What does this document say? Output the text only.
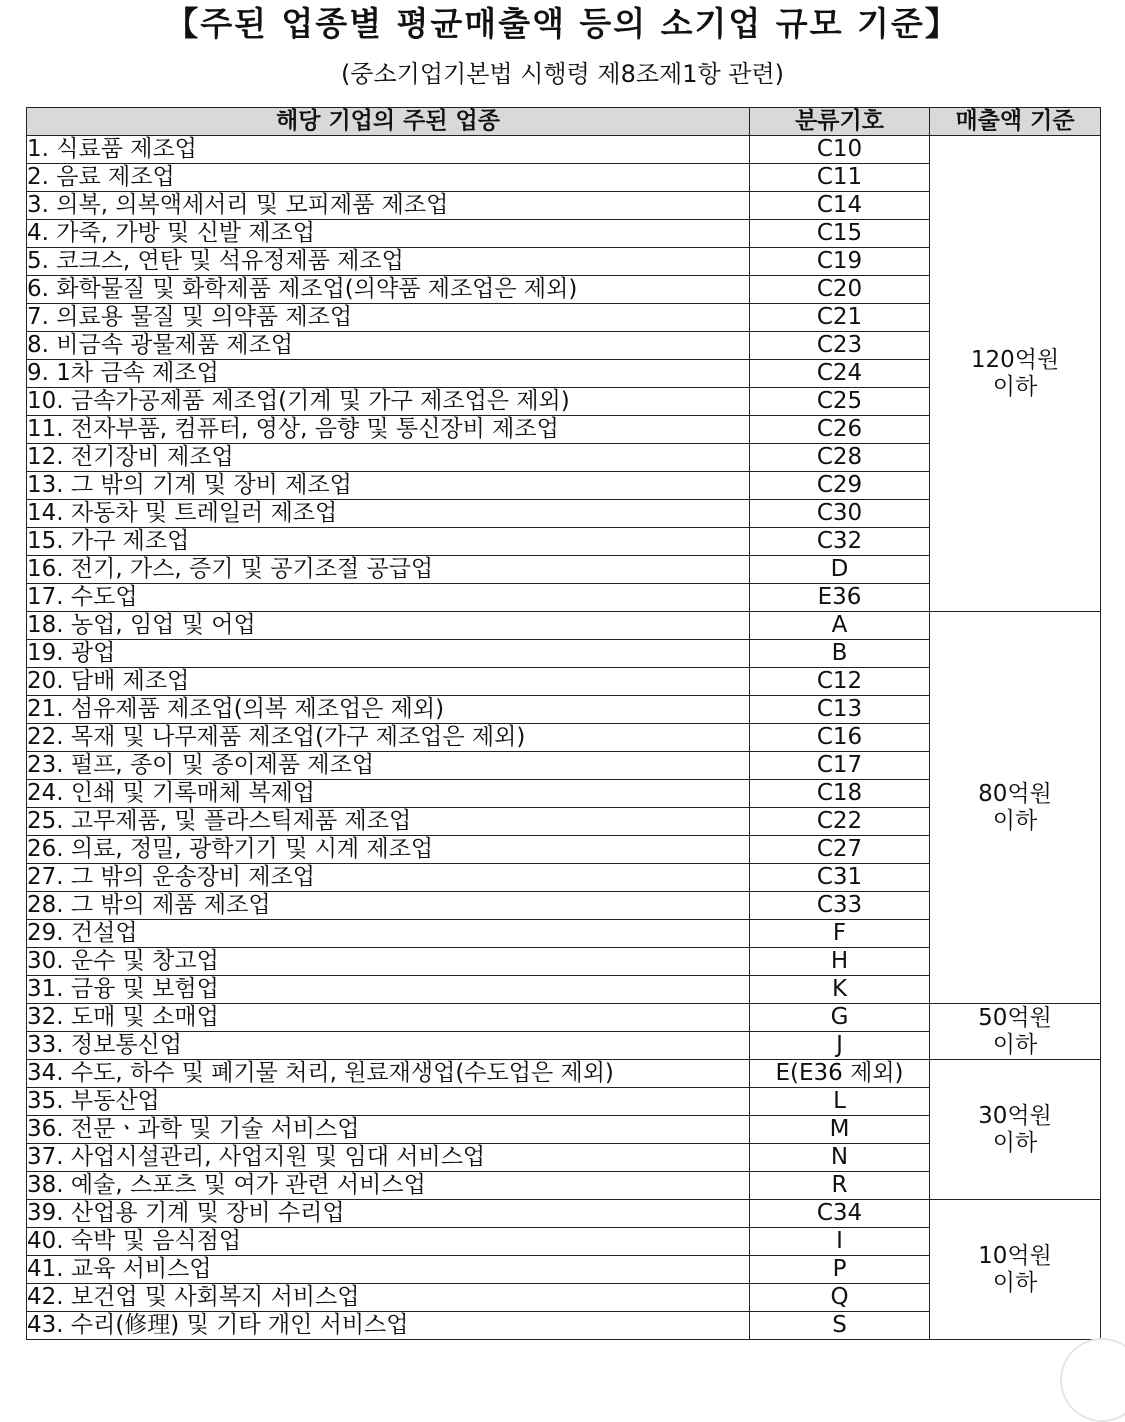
【주된 업종별 평균매출액 등의 소기업 규모 기준】
(중소기업기본법 시행령 제8조제1항 관련)
해당 기업의 주된 업종	분류기호	매출액 기준
1. 식료품 제조업	C10	120억원
이하

2. 음료 제조업	C11	
3. 의복, 의복액세서리 및 모피제품 제조업	C14	
4. 가죽, 가방 및 신발 제조업	C15	
5. 코크스, 연탄 및 석유정제품 제조업	C19	
6. 화학물질 및 화학제품 제조업(의약품 제조업은 제외)	C20	
7. 의료용 물질 및 의약품 제조업	C21	
8. 비금속 광물제품 제조업	C23	
9. 1차 금속 제조업	C24	
10. 금속가공제품 제조업(기계 및 가구 제조업은 제외)	C25	
11. 전자부품, 컴퓨터, 영상, 음향 및 통신장비 제조업	C26	
12. 전기장비 제조업	C28	
13. 그 밖의 기계 및 장비 제조업	C29	
14. 자동차 및 트레일러 제조업	C30	
15. 가구 제조업	C32	
16. 전기, 가스, 증기 및 공기조절 공급업	D	
17. 수도업	E36	
18. 농업, 임업 및 어업	A	80억원
이하

19. 광업	B	
20. 담배 제조업	C12	
21. 섬유제품 제조업(의복 제조업은 제외)	C13	
22. 목재 및 나무제품 제조업(가구 제조업은 제외)	C16	
23. 펄프, 종이 및 종이제품 제조업	C17	
24. 인쇄 및 기록매체 복제업	C18	
25. 고무제품, 및 플라스틱제품 제조업	C22	
26. 의료, 정밀, 광학기기 및 시계 제조업	C27	
27. 그 밖의 운송장비 제조업	C31	
28. 그 밖의 제품 제조업	C33	
29. 건설업	F	
30. 운수 및 창고업	H	
31. 금융 및 보험업	K	
32. 도매 및 소매업	G	50억원
이하

33. 정보통신업	J	
34. 수도, 하수 및 폐기물 처리, 원료재생업(수도업은 제외)	E(E36 제외)	30억원
이하

35. 부동산업	L	
36. 전문ㆍ과학 및 기술 서비스업	M	
37. 사업시설관리, 사업지원 및 임대 서비스업	N	
38. 예술, 스포츠 및 여가 관련 서비스업	R	
39. 산업용 기계 및 장비 수리업	C34	10억원
이하

40. 숙박 및 음식점업	I	
41. 교육 서비스업	P	
42. 보건업 및 사회복지 서비스업	Q	
43. 수리(修理) 및 기타 개인 서비스업	S	
